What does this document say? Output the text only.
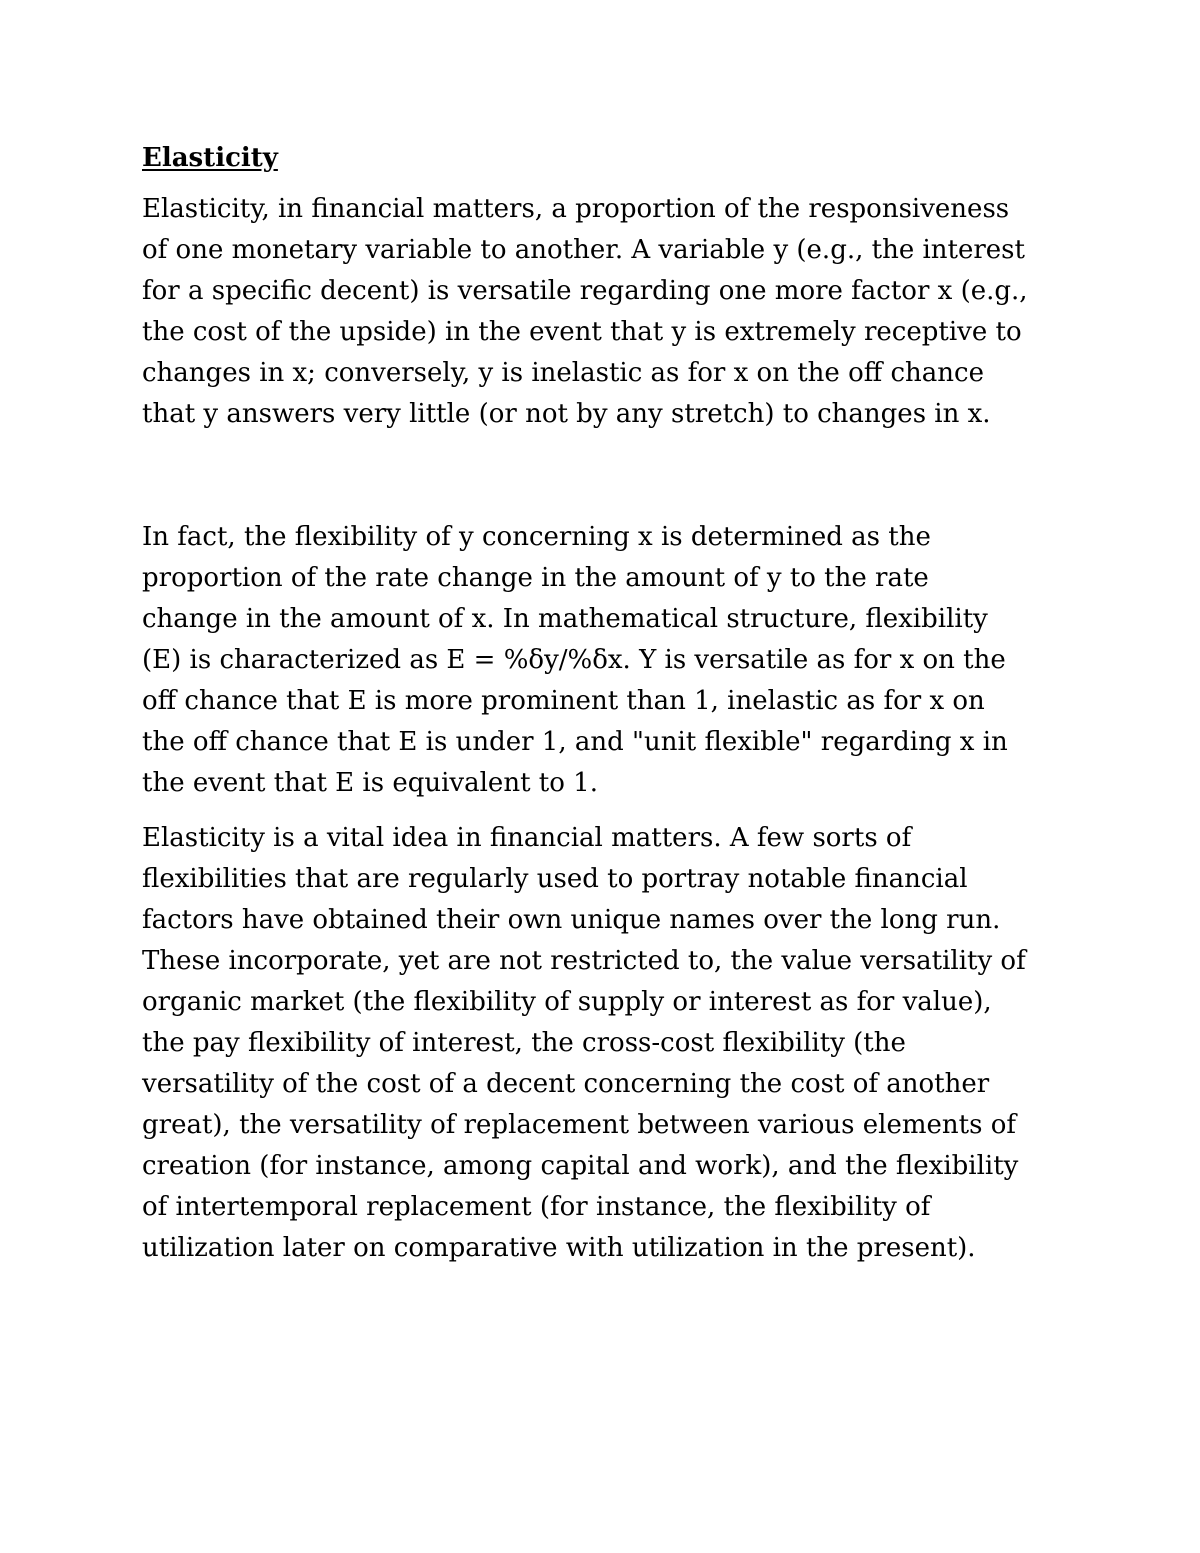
Elasticity

Elasticity, in financial matters, a proportion of the responsiveness
of one monetary variable to another. A variable y (e.g., the interest
for a specific decent) is versatile regarding one more factor x (e.g.,
the cost of the upside) in the event that y is extremely receptive to
changes in x; conversely, y is inelastic as for x on the off chance
that y answers very little (or not by any stretch) to changes in x.

In fact, the flexibility of y concerning x is determined as the
proportion of the rate change in the amount of y to the rate
change in the amount of x. In mathematical structure, flexibility
(E) is characterized as E = %δy/%δx. Y is versatile as for x on the
off chance that E is more prominent than 1, inelastic as for x on
the off chance that E is under 1, and "unit flexible" regarding x in
the event that E is equivalent to 1.

Elasticity is a vital idea in financial matters. A few sorts of
flexibilities that are regularly used to portray notable financial
factors have obtained their own unique names over the long run.
These incorporate, yet are not restricted to, the value versatility of
organic market (the flexibility of supply or interest as for value),
the pay flexibility of interest, the cross-cost flexibility (the
versatility of the cost of a decent concerning the cost of another
great), the versatility of replacement between various elements of
creation (for instance, among capital and work), and the flexibility
of intertemporal replacement (for instance, the flexibility of
utilization later on comparative with utilization in the present).
